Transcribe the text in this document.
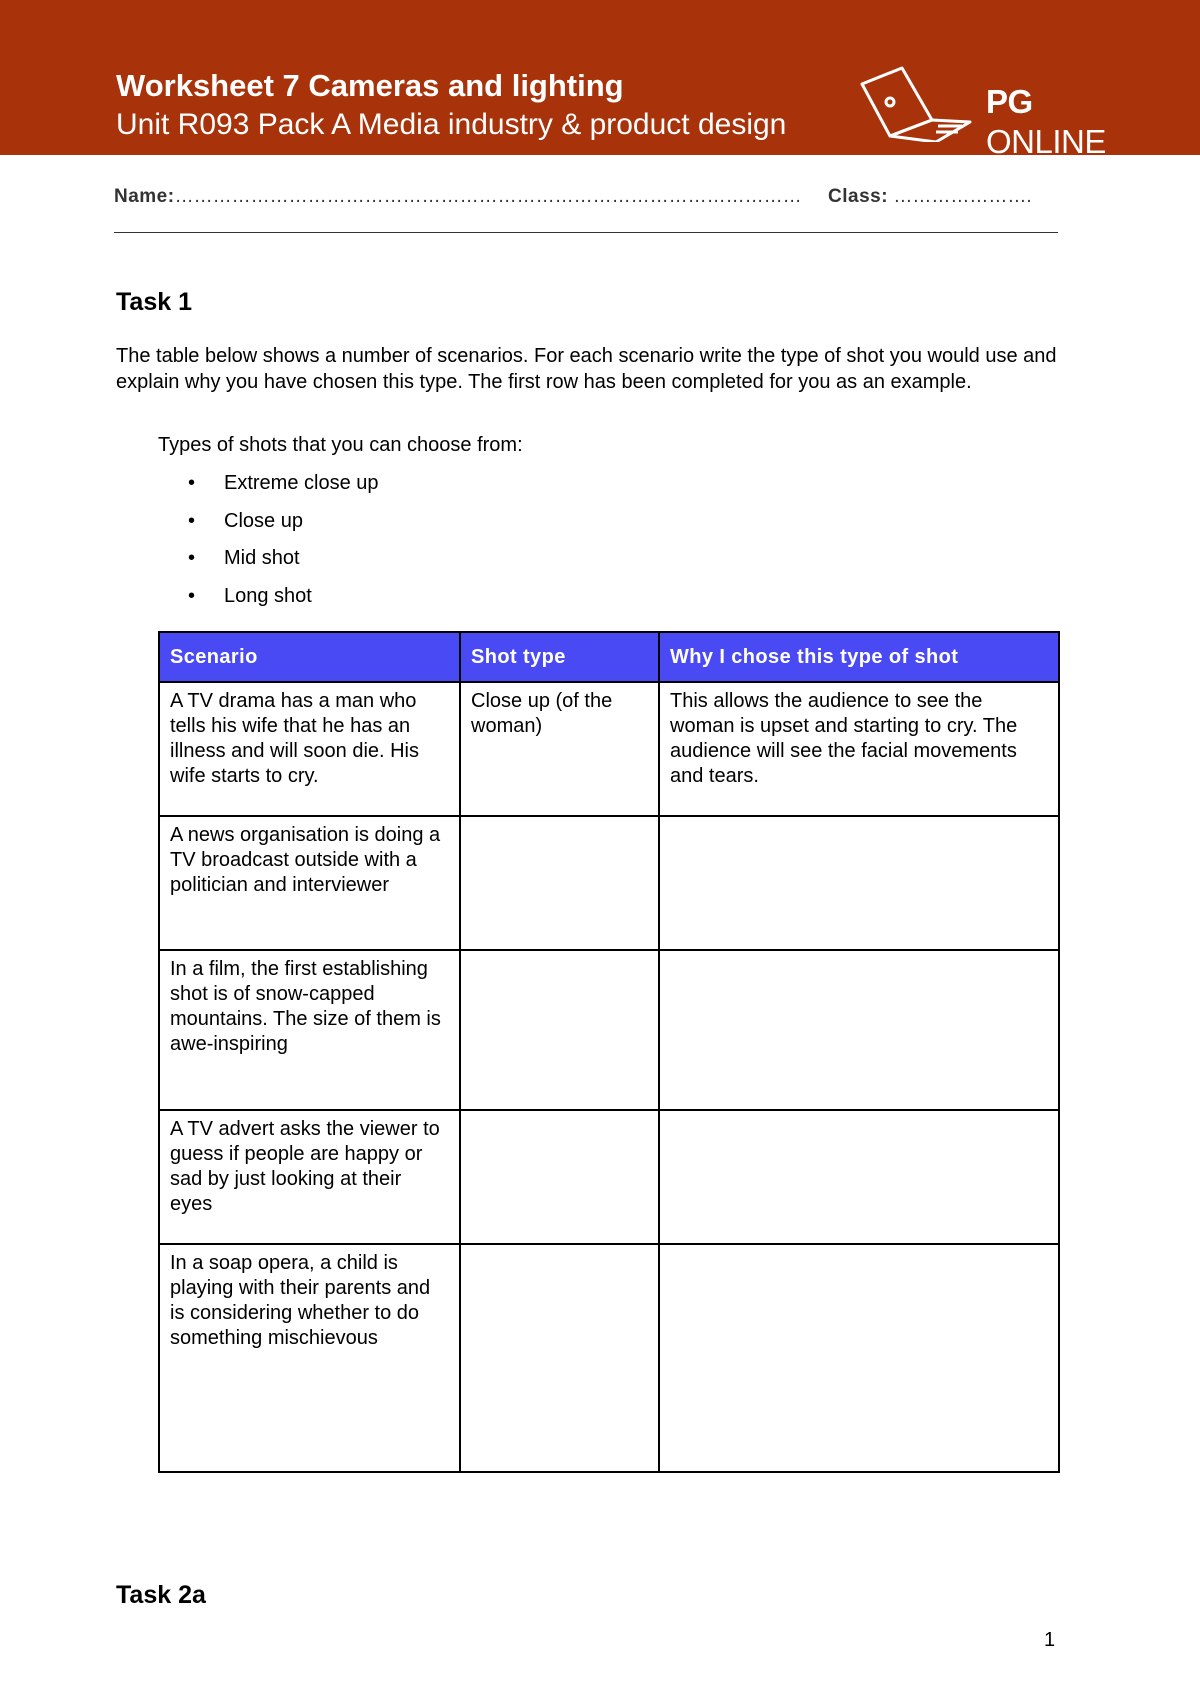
Worksheet 7 Cameras and lighting

Unit R093 Pack A Media industry & product design

PG ONLINE
Name:……………………………………………………………………………………… Class: ………………….
Task 1

The table below shows a number of scenarios. For each scenario write the type of shot you would use and explain why you have chosen this type. The first row has been completed for you as an example.

Types of shots that you can choose from:

• Extreme close up
• Close up
• Mid shot
• Long shot
Scenario	Shot type	Why I chose this type of shot
A TV drama has a man who tells his wife that he has an illness and will soon die. His wife starts to cry.	Close up (of the woman)	This allows the audience to see the woman is upset and starting to cry. The audience will see the facial movements and tears.
A news organisation is doing a TV broadcast outside with a politician and interviewer		
In a film, the first establishing shot is of snow-capped mountains. The size of them is awe-inspiring		
A TV advert asks the viewer to guess if people are happy or sad by just looking at their eyes		
In a soap opera, a child is playing with their parents and is considering whether to do something mischievous		
Task 2a
1
